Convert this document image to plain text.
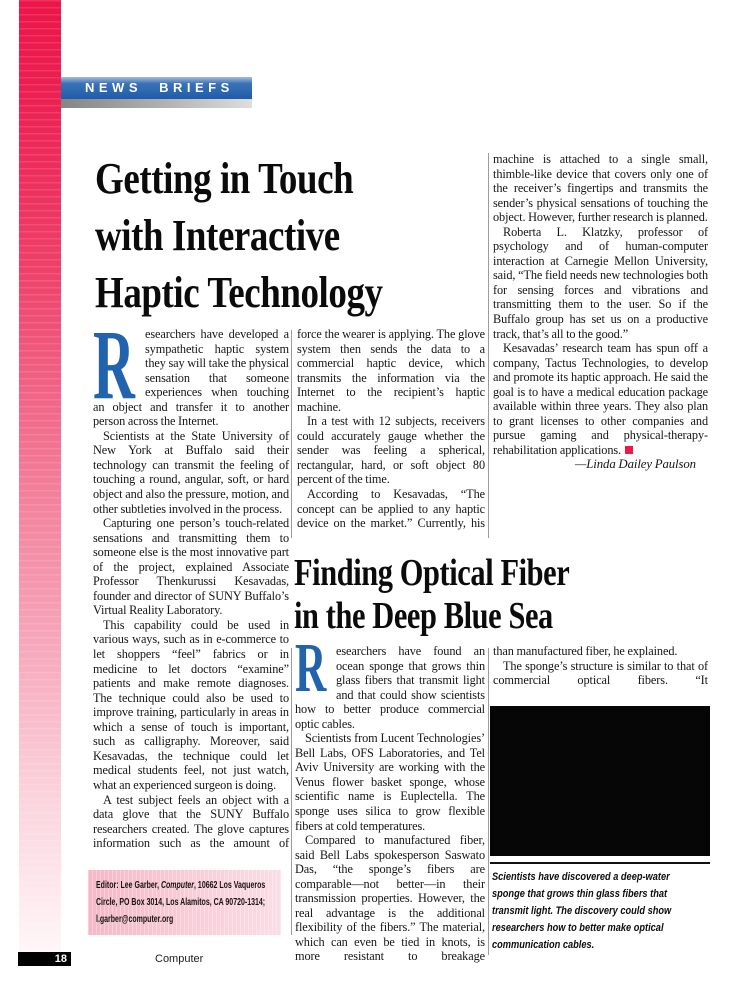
NEWS BRIEFS
Getting in Touch
with Interactive
Haptic Technology

Researchers have developed a sympathetic haptic system they say will take the physical sensation that someone experiences when touching an object and transfer it to another person across the Internet.

Scientists at the State University of New York at Buffalo said their technology can transmit the feeling of touching a round, angular, soft, or hard object and also the pressure, motion, and other subtleties involved in the process.

Capturing one person’s touch-related sensations and transmitting them to someone else is the most innovative part of the project, explained Associate Professor Thenkurussi Kesavadas, founder and director of SUNY Buffalo’s Virtual Reality Laboratory.

This capability could be used in various ways, such as in e-commerce to let shoppers “feel” fabrics or in medicine to let doctors “examine” patients and make remote diagnoses. The technique could also be used to improve training, particularly in areas in which a sense of touch is important, such as calligraphy. Moreover, said Kesavadas, the technique could let medical students feel, not just watch, what an experienced surgeon is doing.

A test subject feels an object with a data glove that the SUNY Buffalo researchers created. The glove captures information such as the amount of

force the wearer is applying. The glove system then sends the data to a commercial haptic device, which transmits the information via the Internet to the recipient’s haptic machine.

In a test with 12 subjects, receivers could accurately gauge whether the sender was feeling a spherical, rectangular, hard, or soft object 80 percent of the time.

According to Kesavadas, “The concept can be applied to any haptic device on the market.” Currently, his

machine is attached to a single small, thimble-like device that covers only one of the receiver’s fingertips and transmits the sender’s physical sensations of touching the object. However, further research is planned.

Roberta L. Klatzky, professor of psychology and of human-computer interaction at Carnegie Mellon University, said, “The field needs new technologies both for sensing forces and vibrations and transmitting them to the user. So if the Buffalo group has set us on a productive track, that’s all to the good.”

Kesavadas’ research team has spun off a company, Tactus Technologies, to develop and promote its haptic approach. He said the goal is to have a medical education package available within three years. They also plan to grant licenses to other companies and pursue gaming and physical-therapy-rehabilitation applications.

—Linda Dailey Paulson

Finding Optical Fiber
in the Deep Blue Sea

Researchers have found an ocean sponge that grows thin glass fibers that transmit light and that could show scientists how to better produce commercial optic cables.

Scientists from Lucent Technologies’ Bell Labs, OFS Laboratories, and Tel Aviv University are working with the Venus flower basket sponge, whose scientific name is Euplectella. The sponge uses silica to grow flexible fibers at cold temperatures.

Compared to manufactured fiber, said Bell Labs spokesperson Saswato Das, “the sponge’s fibers are comparable—not better—in their transmission properties. However, the real advantage is the additional flexibility of the fibers.” The material, which can even be tied in knots, is more resistant to breakage

than manufactured fiber, he explained.

The sponge’s structure is similar to that of commercial optical fibers. “It

Scientists have discovered a deep-water sponge that grows thin glass fibers that transmit light. The discovery could show researchers how to better make optical communication cables.
Editor: Lee Garber, Computer, 10662 Los Vaqueros Circle, PO Box 3014, Los Alamitos, CA 90720-1314; l.garber@computer.org
18	Computer
